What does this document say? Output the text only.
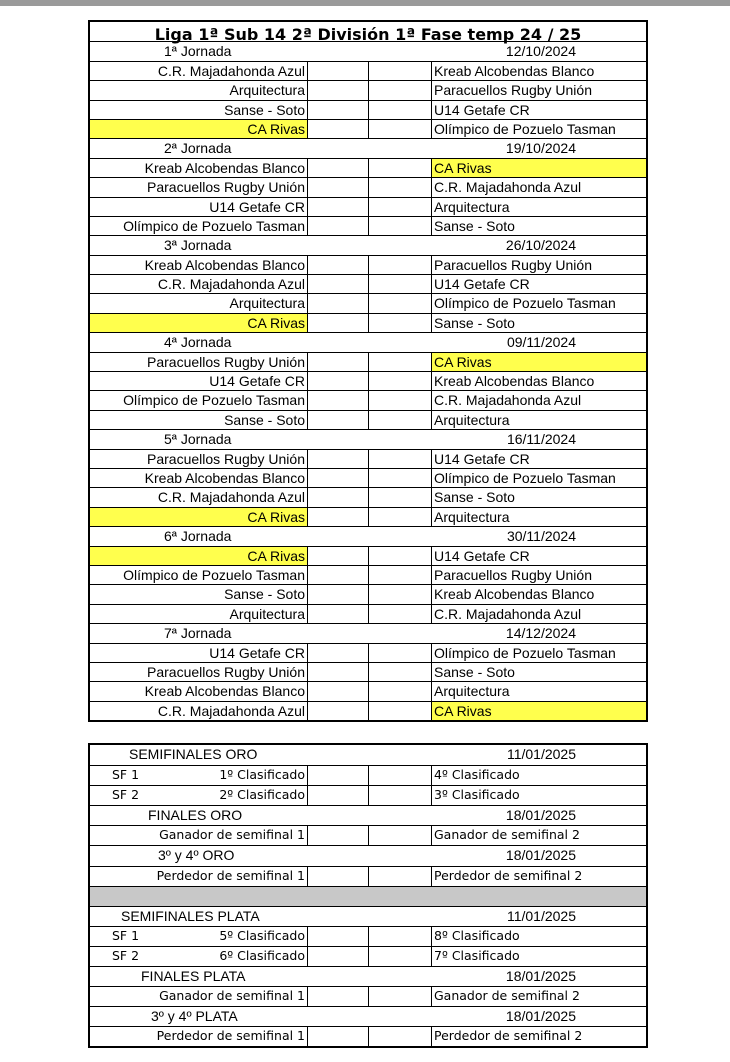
Liga 1ª Sub 14 2ª División 1ª Fase temp 24 / 25
1ª Jornada	12/10/2024
C.R. Majadahonda Azul	Kreab Alcobendas Blanco
Arquitectura	Paracuellos Rugby Unión
Sanse - Soto	U14 Getafe CR
CA Rivas	Olímpico de Pozuelo Tasman
2ª Jornada	19/10/2024
Kreab Alcobendas Blanco	CA Rivas
Paracuellos Rugby Unión	C.R. Majadahonda Azul
U14 Getafe CR	Arquitectura
Olímpico de Pozuelo Tasman	Sanse - Soto
3ª Jornada	26/10/2024
Kreab Alcobendas Blanco	Paracuellos Rugby Unión
C.R. Majadahonda Azul	U14 Getafe CR
Arquitectura	Olímpico de Pozuelo Tasman
CA Rivas	Sanse - Soto
4ª Jornada	09/11/2024
Paracuellos Rugby Unión	CA Rivas
U14 Getafe CR	Kreab Alcobendas Blanco
Olímpico de Pozuelo Tasman	C.R. Majadahonda Azul
Sanse - Soto	Arquitectura
5ª Jornada	16/11/2024
Paracuellos Rugby Unión	U14 Getafe CR
Kreab Alcobendas Blanco	Olímpico de Pozuelo Tasman
C.R. Majadahonda Azul	Sanse - Soto
CA Rivas	Arquitectura
6ª Jornada	30/11/2024
CA Rivas	U14 Getafe CR
Olímpico de Pozuelo Tasman	Paracuellos Rugby Unión
Sanse - Soto	Kreab Alcobendas Blanco
Arquitectura	C.R. Majadahonda Azul
7ª Jornada	14/12/2024
U14 Getafe CR	Olímpico de Pozuelo Tasman
Paracuellos Rugby Unión	Sanse - Soto
Kreab Alcobendas Blanco	Arquitectura
C.R. Majadahonda Azul	CA Rivas
SEMIFINALES ORO	11/01/2025
SF 1	1º Clasificado	4º Clasificado
SF 2	2º Clasificado	3º Clasificado
FINALES ORO	18/01/2025
Ganador de semifinal 1	Ganador de semifinal 2
3º y 4º ORO	18/01/2025
Perdedor de semifinal 1	Perdedor de semifinal 2
SEMIFINALES PLATA	11/01/2025
SF 1	5º Clasificado	8º Clasificado
SF 2	6º Clasificado	7º Clasificado
FINALES PLATA	18/01/2025
Ganador de semifinal 1	Ganador de semifinal 2
3º y 4º PLATA	18/01/2025
Perdedor de semifinal 1	Perdedor de semifinal 2
